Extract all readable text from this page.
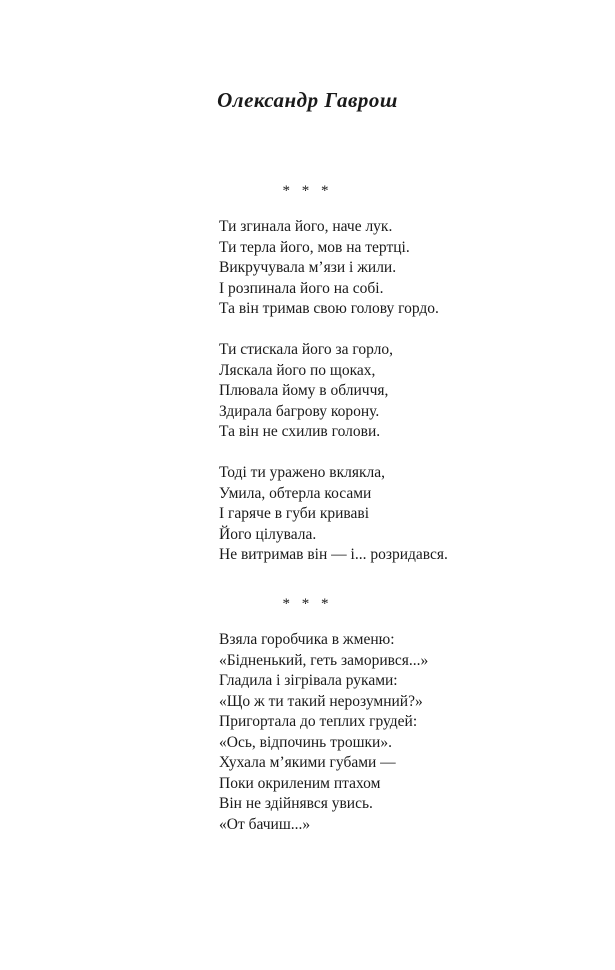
Олександр Гаврош
* * *
Ти згинала його, наче лук.
Ти терла його, мов на тертці.
Викручувала м’язи і жили.
І розпинала його на собі.
Та він тримав свою голову гордо.
Ти стискала його за горло,
Ляскала його по щоках,
Плювала йому в обличчя,
Здирала багрову корону.
Та він не схилив голови.
Тоді ти уражено вклякла,
Умила, обтерла косами
І гаряче в губи криваві
Його цілувала.
Не витримав він — і... розридався.
* * *
Взяла горобчика в жменю:
«Бідненький, геть заморився...»
Гладила і зігрівала руками:
«Що ж ти такий нерозумний?»
Пригортала до теплих грудей:
«Ось, відпочинь трошки».
Хухала м’якими губами —
Поки окриленим птахом
Він не здійнявся увись.
«От бачиш...»
